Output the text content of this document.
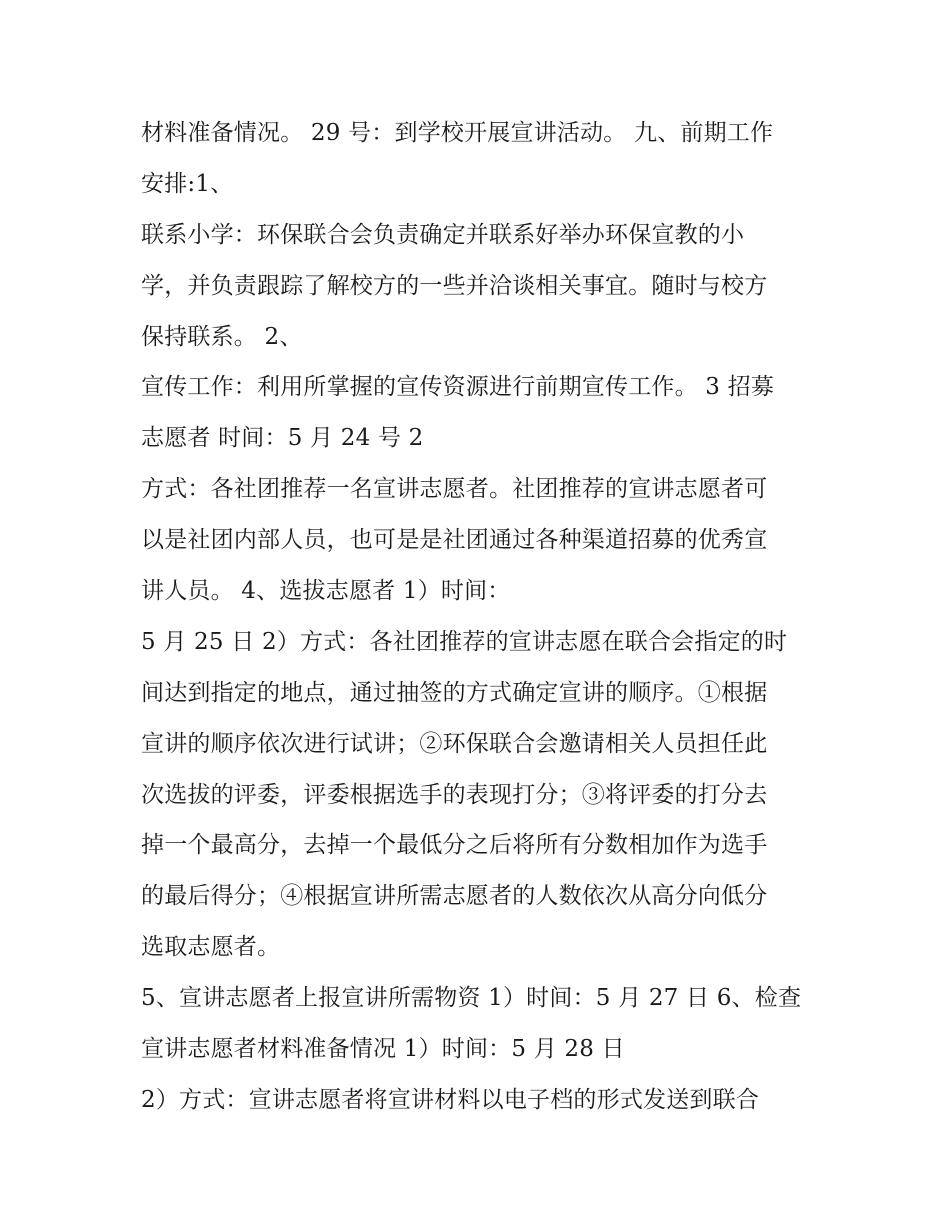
材料准备情况。 29 号：到学校开展宣讲活动。 九、前期工作
安排:1、
联系小学：环保联合会负责确定并联系好举办环保宣教的小
学，并负责跟踪了解校方的一些并洽谈相关事宜。随时与校方
保持联系。 2、
宣传工作：利用所掌握的宣传资源进行前期宣传工作。 3 招募
志愿者 时间：5 月 24 号 2
方式：各社团推荐一名宣讲志愿者。社团推荐的宣讲志愿者可
以是社团内部人员，也可是是社团通过各种渠道招募的优秀宣
讲人员。 4、选拔志愿者 1）时间：
5 月 25 日 2）方式：各社团推荐的宣讲志愿在联合会指定的时
间达到指定的地点，通过抽签的方式确定宣讲的顺序。①根据
宣讲的顺序依次进行试讲；②环保联合会邀请相关人员担任此
次选拔的评委，评委根据选手的表现打分；③将评委的打分去
掉一个最高分，去掉一个最低分之后将所有分数相加作为选手
的最后得分；④根据宣讲所需志愿者的人数依次从高分向低分
选取志愿者。
5、宣讲志愿者上报宣讲所需物资 1）时间：5 月 27 日 6、检查
宣讲志愿者材料准备情况 1）时间：5 月 28 日
2）方式：宣讲志愿者将宣讲材料以电子档的形式发送到联合
